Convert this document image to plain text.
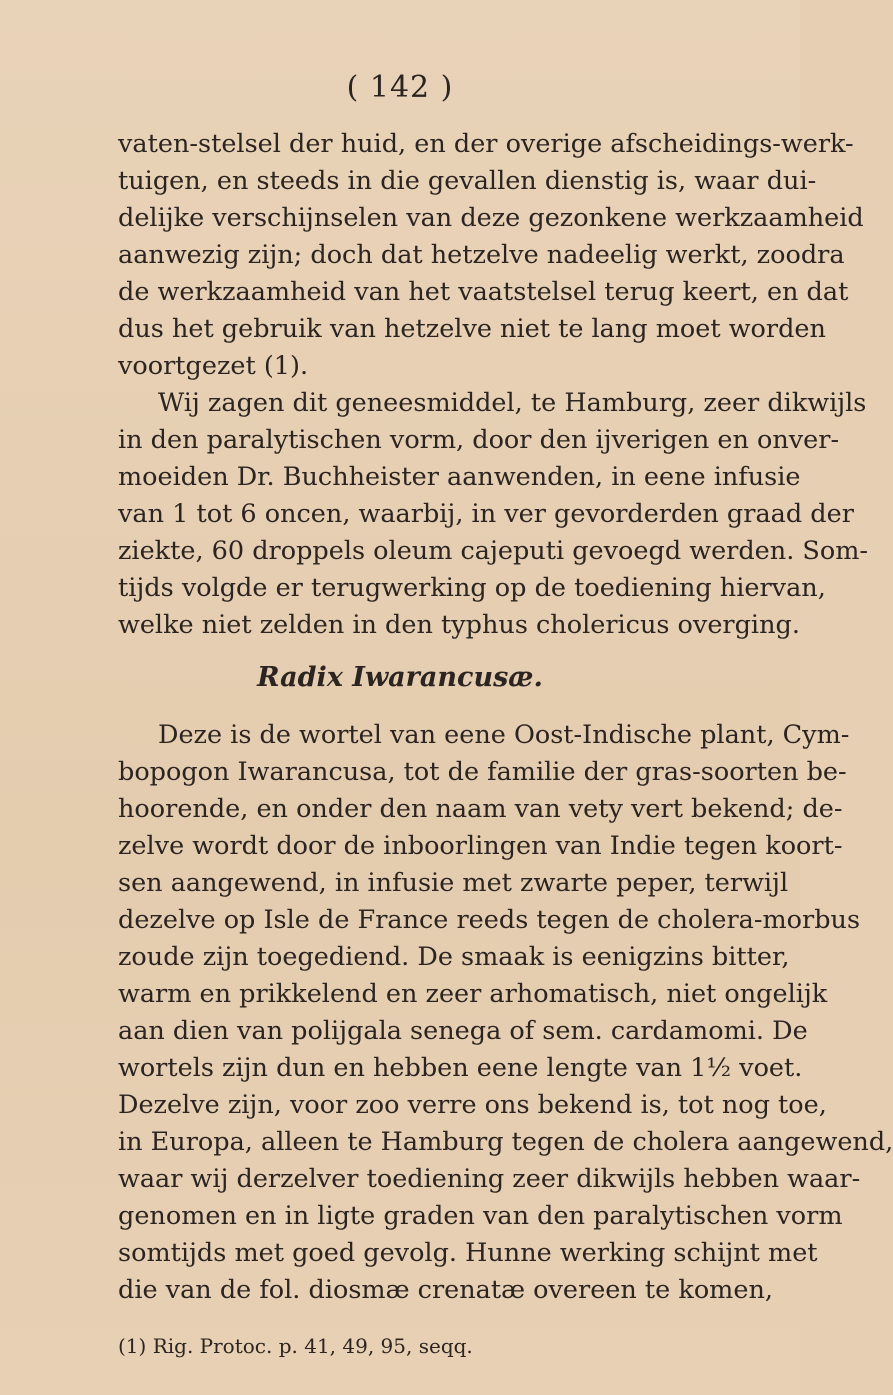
( 142 )
vaten-stelsel der huid, en der overige afscheidings-werk-
tuigen, en steeds in die gevallen dienstig is, waar dui-
delijke verschijnselen van deze gezonkene werkzaamheid
aanwezig zijn; doch dat hetzelve nadeelig werkt, zoodra
de werkzaamheid van het vaatstelsel terug keert, en dat
dus het gebruik van hetzelve niet te lang moet worden
voortgezet (1).
Wij zagen dit geneesmiddel, te Hamburg, zeer dikwijls
in den paralytischen vorm, door den ijverigen en onver-
moeiden Dr. Buchheister aanwenden, in eene infusie
van 1 tot 6 oncen, waarbij, in ver gevorderden graad der
ziekte, 60 droppels oleum cajeputi gevoegd werden. Som-
tijds volgde er terugwerking op de toediening hiervan,
welke niet zelden in den typhus cholericus overging.
Radix Iwarancusæ.
Deze is de wortel van eene Oost-Indische plant, Cym-
bopogon Iwarancusa, tot de familie der gras-soorten be-
hoorende, en onder den naam van vety vert bekend; de-
zelve wordt door de inboorlingen van Indie tegen koort-
sen aangewend, in infusie met zwarte peper, terwijl
dezelve op Isle de France reeds tegen de cholera-morbus
zoude zijn toegediend. De smaak is eenigzins bitter,
warm en prikkelend en zeer arhomatisch, niet ongelijk
aan dien van polijgala senega of sem. cardamomi. De
wortels zijn dun en hebben eene lengte van 1½ voet.
Dezelve zijn, voor zoo verre ons bekend is, tot nog toe,
in Europa, alleen te Hamburg tegen de cholera aangewend,
waar wij derzelver toediening zeer dikwijls hebben waar-
genomen en in ligte graden van den paralytischen vorm
somtijds met goed gevolg. Hunne werking schijnt met
die van de fol. diosmæ crenatæ overeen te komen,
(1) Rig. Protoc. p. 41, 49, 95, seqq.
